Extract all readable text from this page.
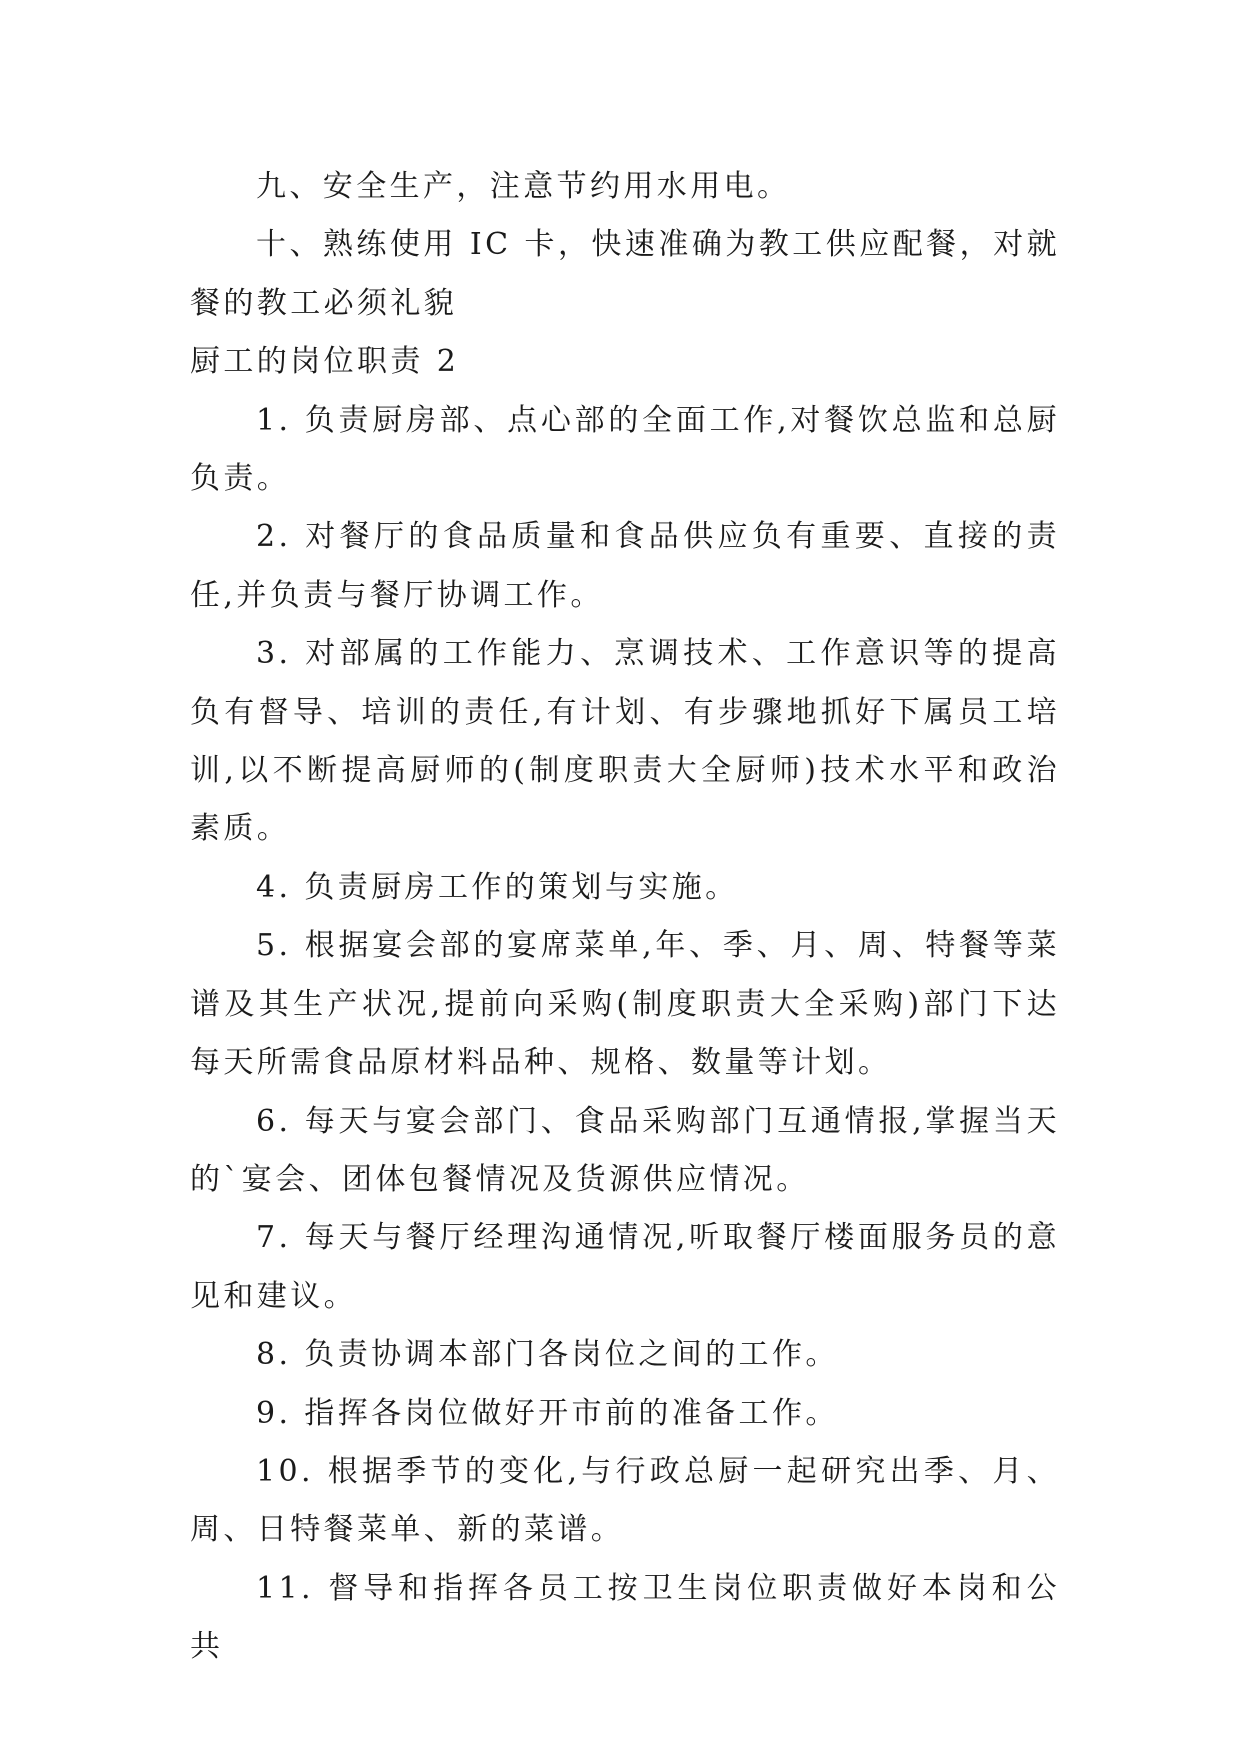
九、安全生产，注意节约用水用电。

十、熟练使用 IC 卡，快速准确为教工供应配餐，对就餐的教工必须礼貌

厨工的岗位职责 2

1. 负责厨房部、点心部的全面工作,对餐饮总监和总厨负责。

2. 对餐厅的食品质量和食品供应负有重要、直接的责任,并负责与餐厅协调工作。

3. 对部属的工作能力、烹调技术、工作意识等的提高负有督导、培训的责任,有计划、有步骤地抓好下属员工培训,以不断提高厨师的(制度职责大全厨师)技术水平和政治素质。

4. 负责厨房工作的策划与实施。

5. 根据宴会部的宴席菜单,年、季、月、周、特餐等菜谱及其生产状况,提前向采购(制度职责大全采购)部门下达每天所需食品原材料品种、规格、数量等计划。

6. 每天与宴会部门、食品采购部门互通情报,掌握当天的`宴会、团体包餐情况及货源供应情况。

7. 每天与餐厅经理沟通情况,听取餐厅楼面服务员的意见和建议。

8. 负责协调本部门各岗位之间的工作。

9. 指挥各岗位做好开市前的准备工作。

10. 根据季节的变化,与行政总厨一起研究出季、月、周、日特餐菜单、新的菜谱。

11. 督导和指挥各员工按卫生岗位职责做好本岗和公共
